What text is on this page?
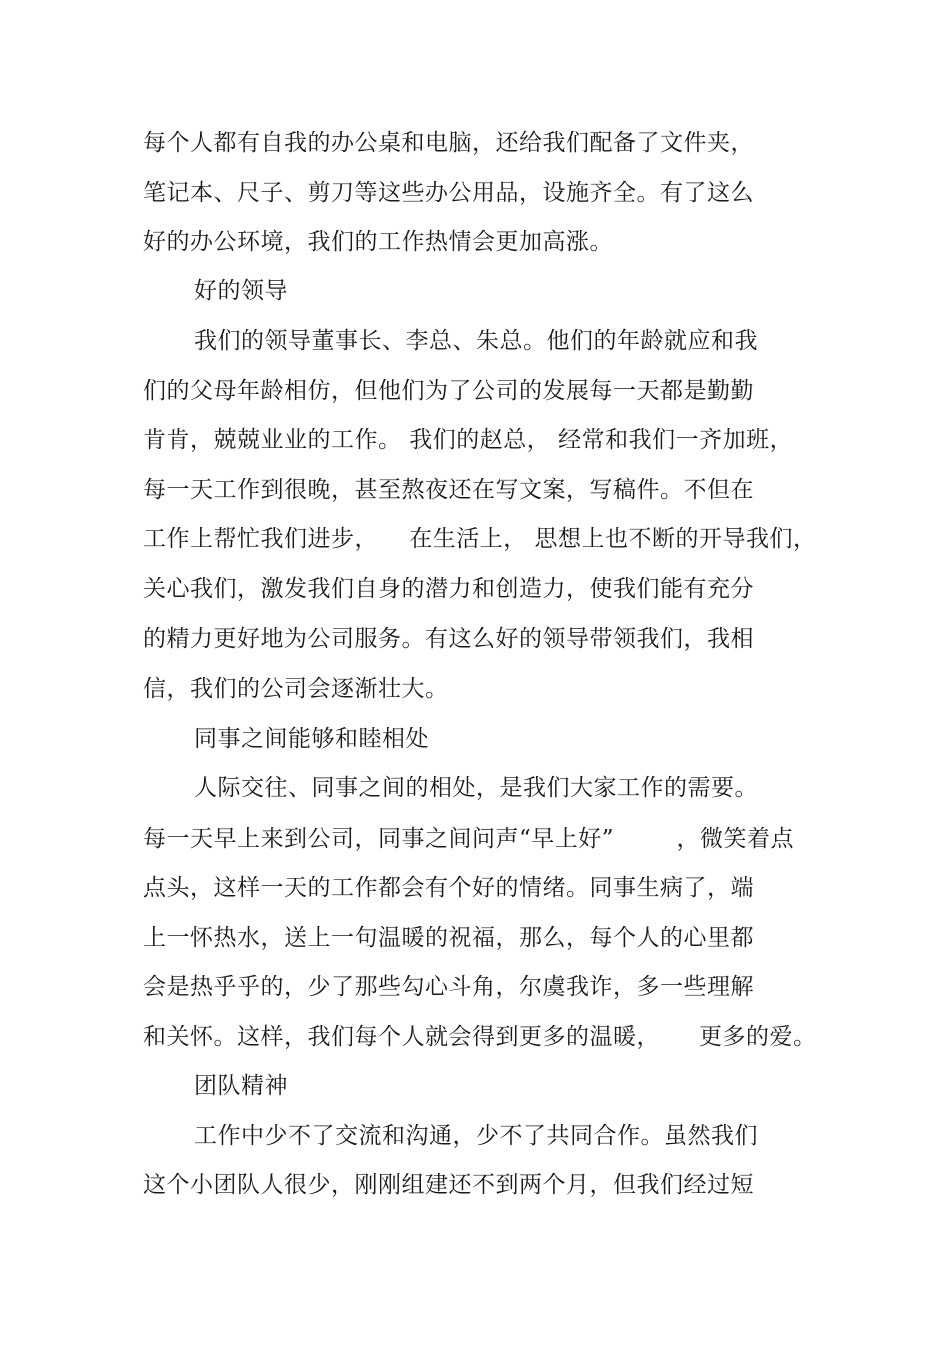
每个人都有自我的办公桌和电脑，还给我们配备了文件夹，
笔记本、尺子、剪刀等这些办公用品，设施齐全。有了这么
好的办公环境，我们的工作热情会更加高涨。
好的领导
我们的领导董事长、李总、朱总。他们的年龄就应和我
们的父母年龄相仿，但他们为了公司的发展每一天都是勤勤
肯肯，兢兢业业的工作。 我们的赵总， 经常和我们一齐加班，
每一天工作到很晚，甚至熬夜还在写文案，写稿件。不但在
工作上帮忙我们进步，    在生活上， 思想上也不断的开导我们，
关心我们，激发我们自身的潜力和创造力，使我们能有充分
的精力更好地为公司服务。有这么好的领导带领我们，我相
信，我们的公司会逐渐壮大。
同事之间能够和睦相处
人际交往、同事之间的相处，是我们大家工作的需要。
每一天早上来到公司，同事之间问声“早上好”        ，微笑着点
点头，这样一天的工作都会有个好的情绪。同事生病了，端
上一怀热水，送上一句温暖的祝福，那么，每个人的心里都
会是热乎乎的，少了那些勾心斗角，尔虞我诈，多一些理解
和关怀。这样，我们每个人就会得到更多的温暖，     更多的爱。
团队精神
工作中少不了交流和沟通，少不了共同合作。虽然我们
这个小团队人很少，刚刚组建还不到两个月，但我们经过短
